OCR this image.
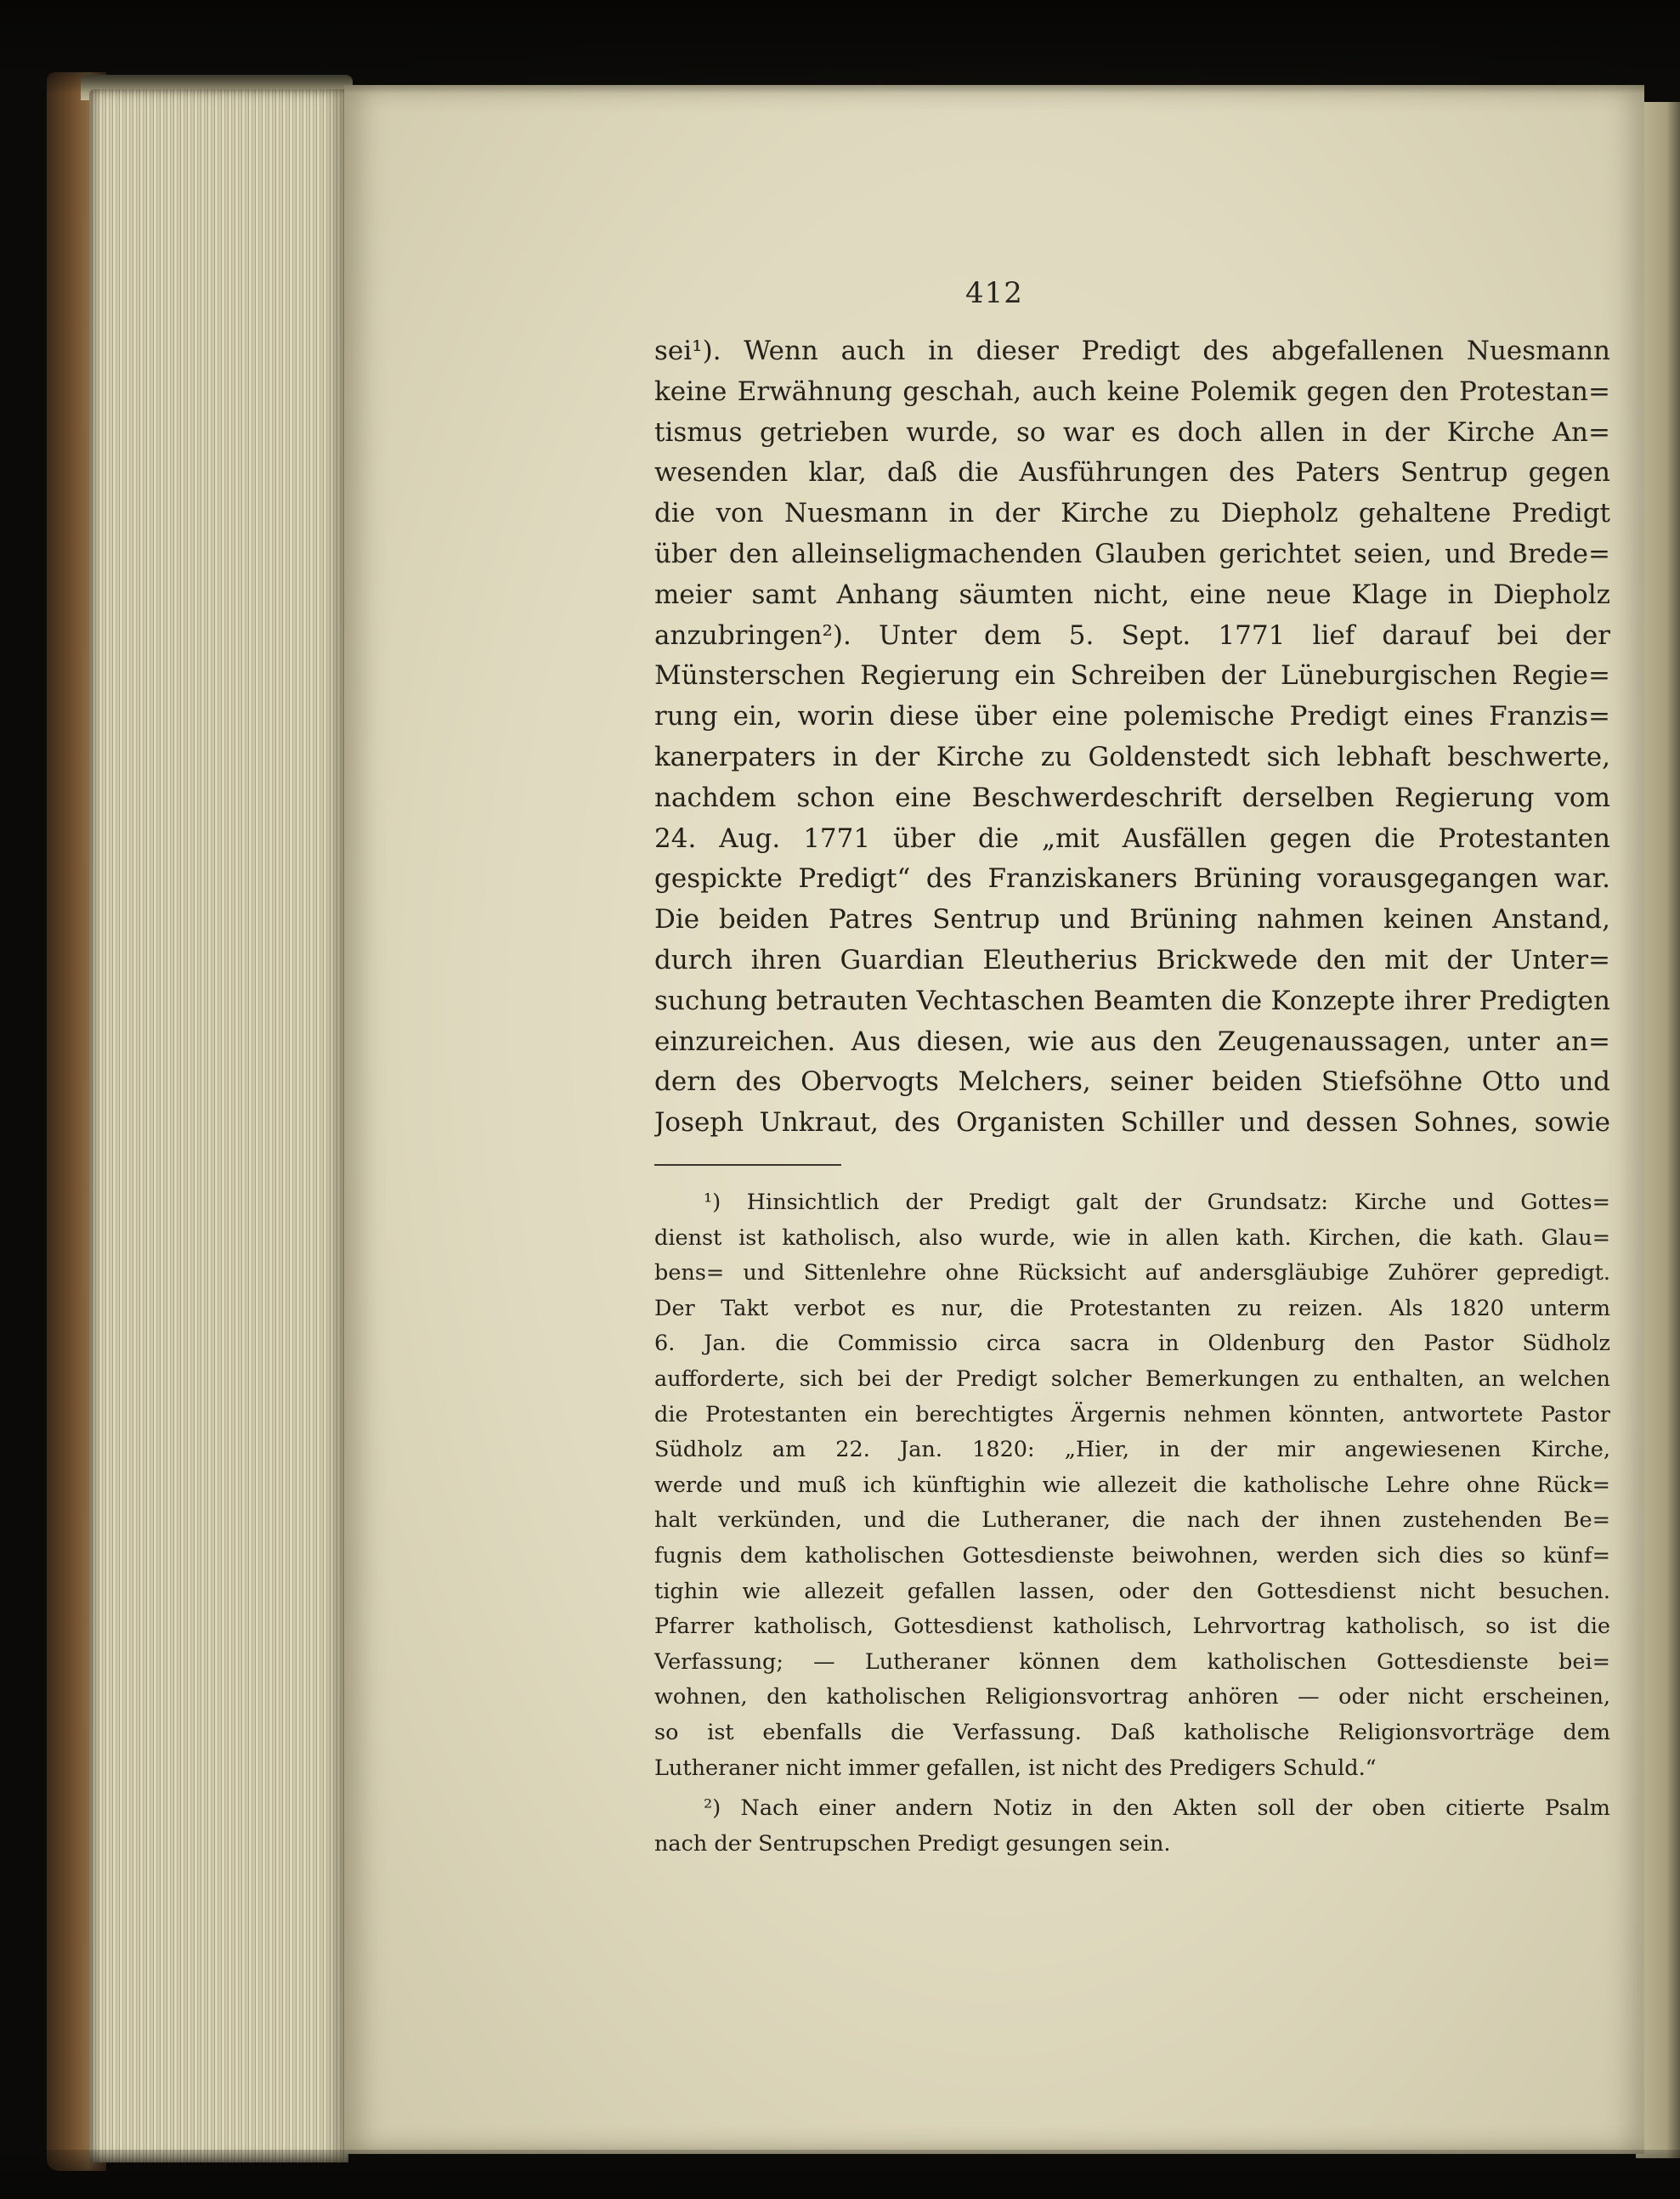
412
sei¹). Wenn auch in dieser Predigt des abgefallenen Nuesmann
keine Erwähnung geschah, auch keine Polemik gegen den Protestan=
tismus getrieben wurde, so war es doch allen in der Kirche An=
wesenden klar, daß die Ausführungen des Paters Sentrup gegen
die von Nuesmann in der Kirche zu Diepholz gehaltene Predigt
über den alleinseligmachenden Glauben gerichtet seien, und Brede=
meier samt Anhang säumten nicht, eine neue Klage in Diepholz
anzubringen²). Unter dem 5. Sept. 1771 lief darauf bei der
Münsterschen Regierung ein Schreiben der Lüneburgischen Regie=
rung ein, worin diese über eine polemische Predigt eines Franzis=
kanerpaters in der Kirche zu Goldenstedt sich lebhaft beschwerte,
nachdem schon eine Beschwerdeschrift derselben Regierung vom
24. Aug. 1771 über die „mit Ausfällen gegen die Protestanten
gespickte Predigt“ des Franziskaners Brüning vorausgegangen war.
Die beiden Patres Sentrup und Brüning nahmen keinen Anstand,
durch ihren Guardian Eleutherius Brickwede den mit der Unter=
suchung betrauten Vechtaschen Beamten die Konzepte ihrer Predigten
einzureichen. Aus diesen, wie aus den Zeugenaussagen, unter an=
dern des Obervogts Melchers, seiner beiden Stiefsöhne Otto und
Joseph Unkraut, des Organisten Schiller und dessen Sohnes, sowie
¹) Hinsichtlich der Predigt galt der Grundsatz: Kirche und Gottes=
dienst ist katholisch, also wurde, wie in allen kath. Kirchen, die kath. Glau=
bens= und Sittenlehre ohne Rücksicht auf andersgläubige Zuhörer gepredigt.
Der Takt verbot es nur, die Protestanten zu reizen. Als 1820 unterm
6. Jan. die Commissio circa sacra in Oldenburg den Pastor Südholz
aufforderte, sich bei der Predigt solcher Bemerkungen zu enthalten, an welchen
die Protestanten ein berechtigtes Ärgernis nehmen könnten, antwortete Pastor
Südholz am 22. Jan. 1820: „Hier, in der mir angewiesenen Kirche,
werde und muß ich künftighin wie allezeit die katholische Lehre ohne Rück=
halt verkünden, und die Lutheraner, die nach der ihnen zustehenden Be=
fugnis dem katholischen Gottesdienste beiwohnen, werden sich dies so künf=
tighin wie allezeit gefallen lassen, oder den Gottesdienst nicht besuchen.
Pfarrer katholisch, Gottesdienst katholisch, Lehrvortrag katholisch, so ist die
Verfassung; — Lutheraner können dem katholischen Gottesdienste bei=
wohnen, den katholischen Religionsvortrag anhören — oder nicht erscheinen,
so ist ebenfalls die Verfassung. Daß katholische Religionsvorträge dem
Lutheraner nicht immer gefallen, ist nicht des Predigers Schuld.“
²) Nach einer andern Notiz in den Akten soll der oben citierte Psalm
nach der Sentrupschen Predigt gesungen sein.
